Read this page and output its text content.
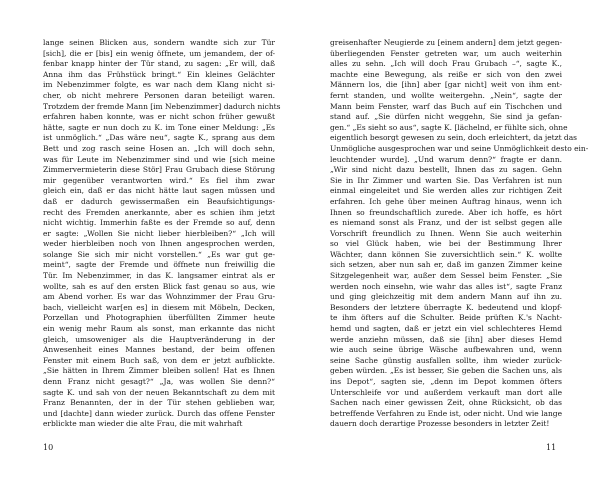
lange seinen Blicken aus, sondern wandte sich zur Tür
[sich], die er [bis] ein wenig öffnete, um jemandem, der of-
fenbar knapp hinter der Tür stand, zu sagen: „Er will, daß
Anna ihm das Frühstück bringt.“ Ein kleines Gelächter
im Nebenzimmer folgte, es war nach dem Klang nicht si-
cher, ob nicht mehrere Personen daran beteiligt waren.
Trotzdem der fremde Mann [im Nebenzimmer] dadurch nichts
erfahren haben konnte, was er nicht schon früher gewußt
hätte, sagte er nun doch zu K. im Tone einer Meldung: „Es
ist unmöglich.“ „Das wäre neu“, sagte K., sprang aus dem
Bett und zog rasch seine Hosen an. „Ich will doch sehn,
was für Leute im Nebenzimmer sind und wie [sich meine
Zimmervermieterin diese Stör] Frau Grubach diese Störung
mir gegenüber verantworten wird.“ Es fiel ihm zwar
gleich ein, daß er das nicht hätte laut sagen müssen und
daß er dadurch gewissermaßen ein Beaufsichtigungs-
recht des Fremden anerkannte, aber es schien ihm jetzt
nicht wichtig. Immerhin faßte es der Fremde so auf, denn
er sagte: „Wollen Sie nicht lieber hierbleiben?“ „Ich will
weder hierbleiben noch von Ihnen angesprochen werden,
solange Sie sich mir nicht vorstellen.“ „Es war gut ge-
meint“, sagte der Fremde und öffnete nun freiwillig die
Tür. Im Nebenzimmer, in das K. langsamer eintrat als er
wollte, sah es auf den ersten Blick fast genau so aus, wie
am Abend vorher. Es war das Wohnzimmer der Frau Gru-
bach, vielleicht war[en es] in diesem mit Möbeln, Decken,
Porzellan und Photographien überfüllten Zimmer heute
ein wenig mehr Raum als sonst, man erkannte das nicht
gleich, umsoweniger als die Hauptveränderung in der
Anwesenheit eines Mannes bestand, der beim offenen
Fenster mit einem Buch saß, von dem er jetzt aufblickte.
„Sie hätten in Ihrem Zimmer bleiben sollen! Hat es Ihnen
denn Franz nicht gesagt?“ „Ja, was wollen Sie denn?“
sagte K. und sah von der neuen Bekanntschaft zu dem mit
Franz Benannten, der in der Tür stehen geblieben war,
und [dachte] dann wieder zurück. Durch das offene Fenster
erblickte man wieder die alte Frau, die mit wahrhaft
greisenhafter Neugierde zu [einem andern] dem jetzt gegen-
überliegenden Fenster getreten war, um auch weiterhin
alles zu sehn. „Ich will doch Frau Grubach –“, sagte K.,
machte eine Bewegung, als reiße er sich von den zwei
Männern los, die [ihn] aber [gar nicht] weit von ihm ent-
fernt standen, und wollte weitergehn. „Nein“, sagte der
Mann beim Fenster, warf das Buch auf ein Tischchen und
stand auf. „Sie dürfen nicht weggehn, Sie sind ja gefan-
gen.“ „Es sieht so aus“, sagte K. [lächelnd, er fühlte sich, ohne
eigentlich besorgt gewesen zu sein, doch erleichtert, da jetzt das
Unmögliche ausgesprochen war und seine Unmöglichkeit desto ein-
leuchtender wurde]. „Und warum denn?“ fragte er dann.
„Wir sind nicht dazu bestellt, Ihnen das zu sagen. Gehn
Sie in Ihr Zimmer und warten Sie. Das Verfahren ist nun
einmal eingeleitet und Sie werden alles zur richtigen Zeit
erfahren. Ich gehe über meinen Auftrag hinaus, wenn ich
Ihnen so freundschaftlich zurede. Aber ich hoffe, es hört
es niemand sonst als Franz, und der ist selbst gegen alle
Vorschrift freundlich zu Ihnen. Wenn Sie auch weiterhin
so viel Glück haben, wie bei der Bestimmung Ihrer
Wächter, dann können Sie zuversichtlich sein.“ K. wollte
sich setzen, aber nun sah er, daß im ganzen Zimmer keine
Sitzgelegenheit war, außer dem Sessel beim Fenster. „Sie
werden noch einsehn, wie wahr das alles ist“, sagte Franz
und ging gleichzeitig mit dem andern Mann auf ihn zu.
Besonders der letztere überragte K. bedeutend und klopf-
te ihm öfters auf die Schulter. Beide prüften K.'s Nacht-
hemd und sagten, daß er jetzt ein viel schlechteres Hemd
werde anziehn müssen, daß sie [ihn] aber dieses Hemd
wie auch seine übrige Wäsche aufbewahren und, wenn
seine Sache günstig ausfallen sollte, ihm wieder zurück-
geben würden. „Es ist besser, Sie geben die Sachen uns, als
ins Depot“, sagten sie, „denn im Depot kommen öfters
Unterschleife vor und außerdem verkauft man dort alle
Sachen nach einer gewissen Zeit, ohne Rücksicht, ob das
betreffende Verfahren zu Ende ist, oder nicht. Und wie lange
dauern doch derartige Prozesse besonders in letzter Zeit!
10	11
